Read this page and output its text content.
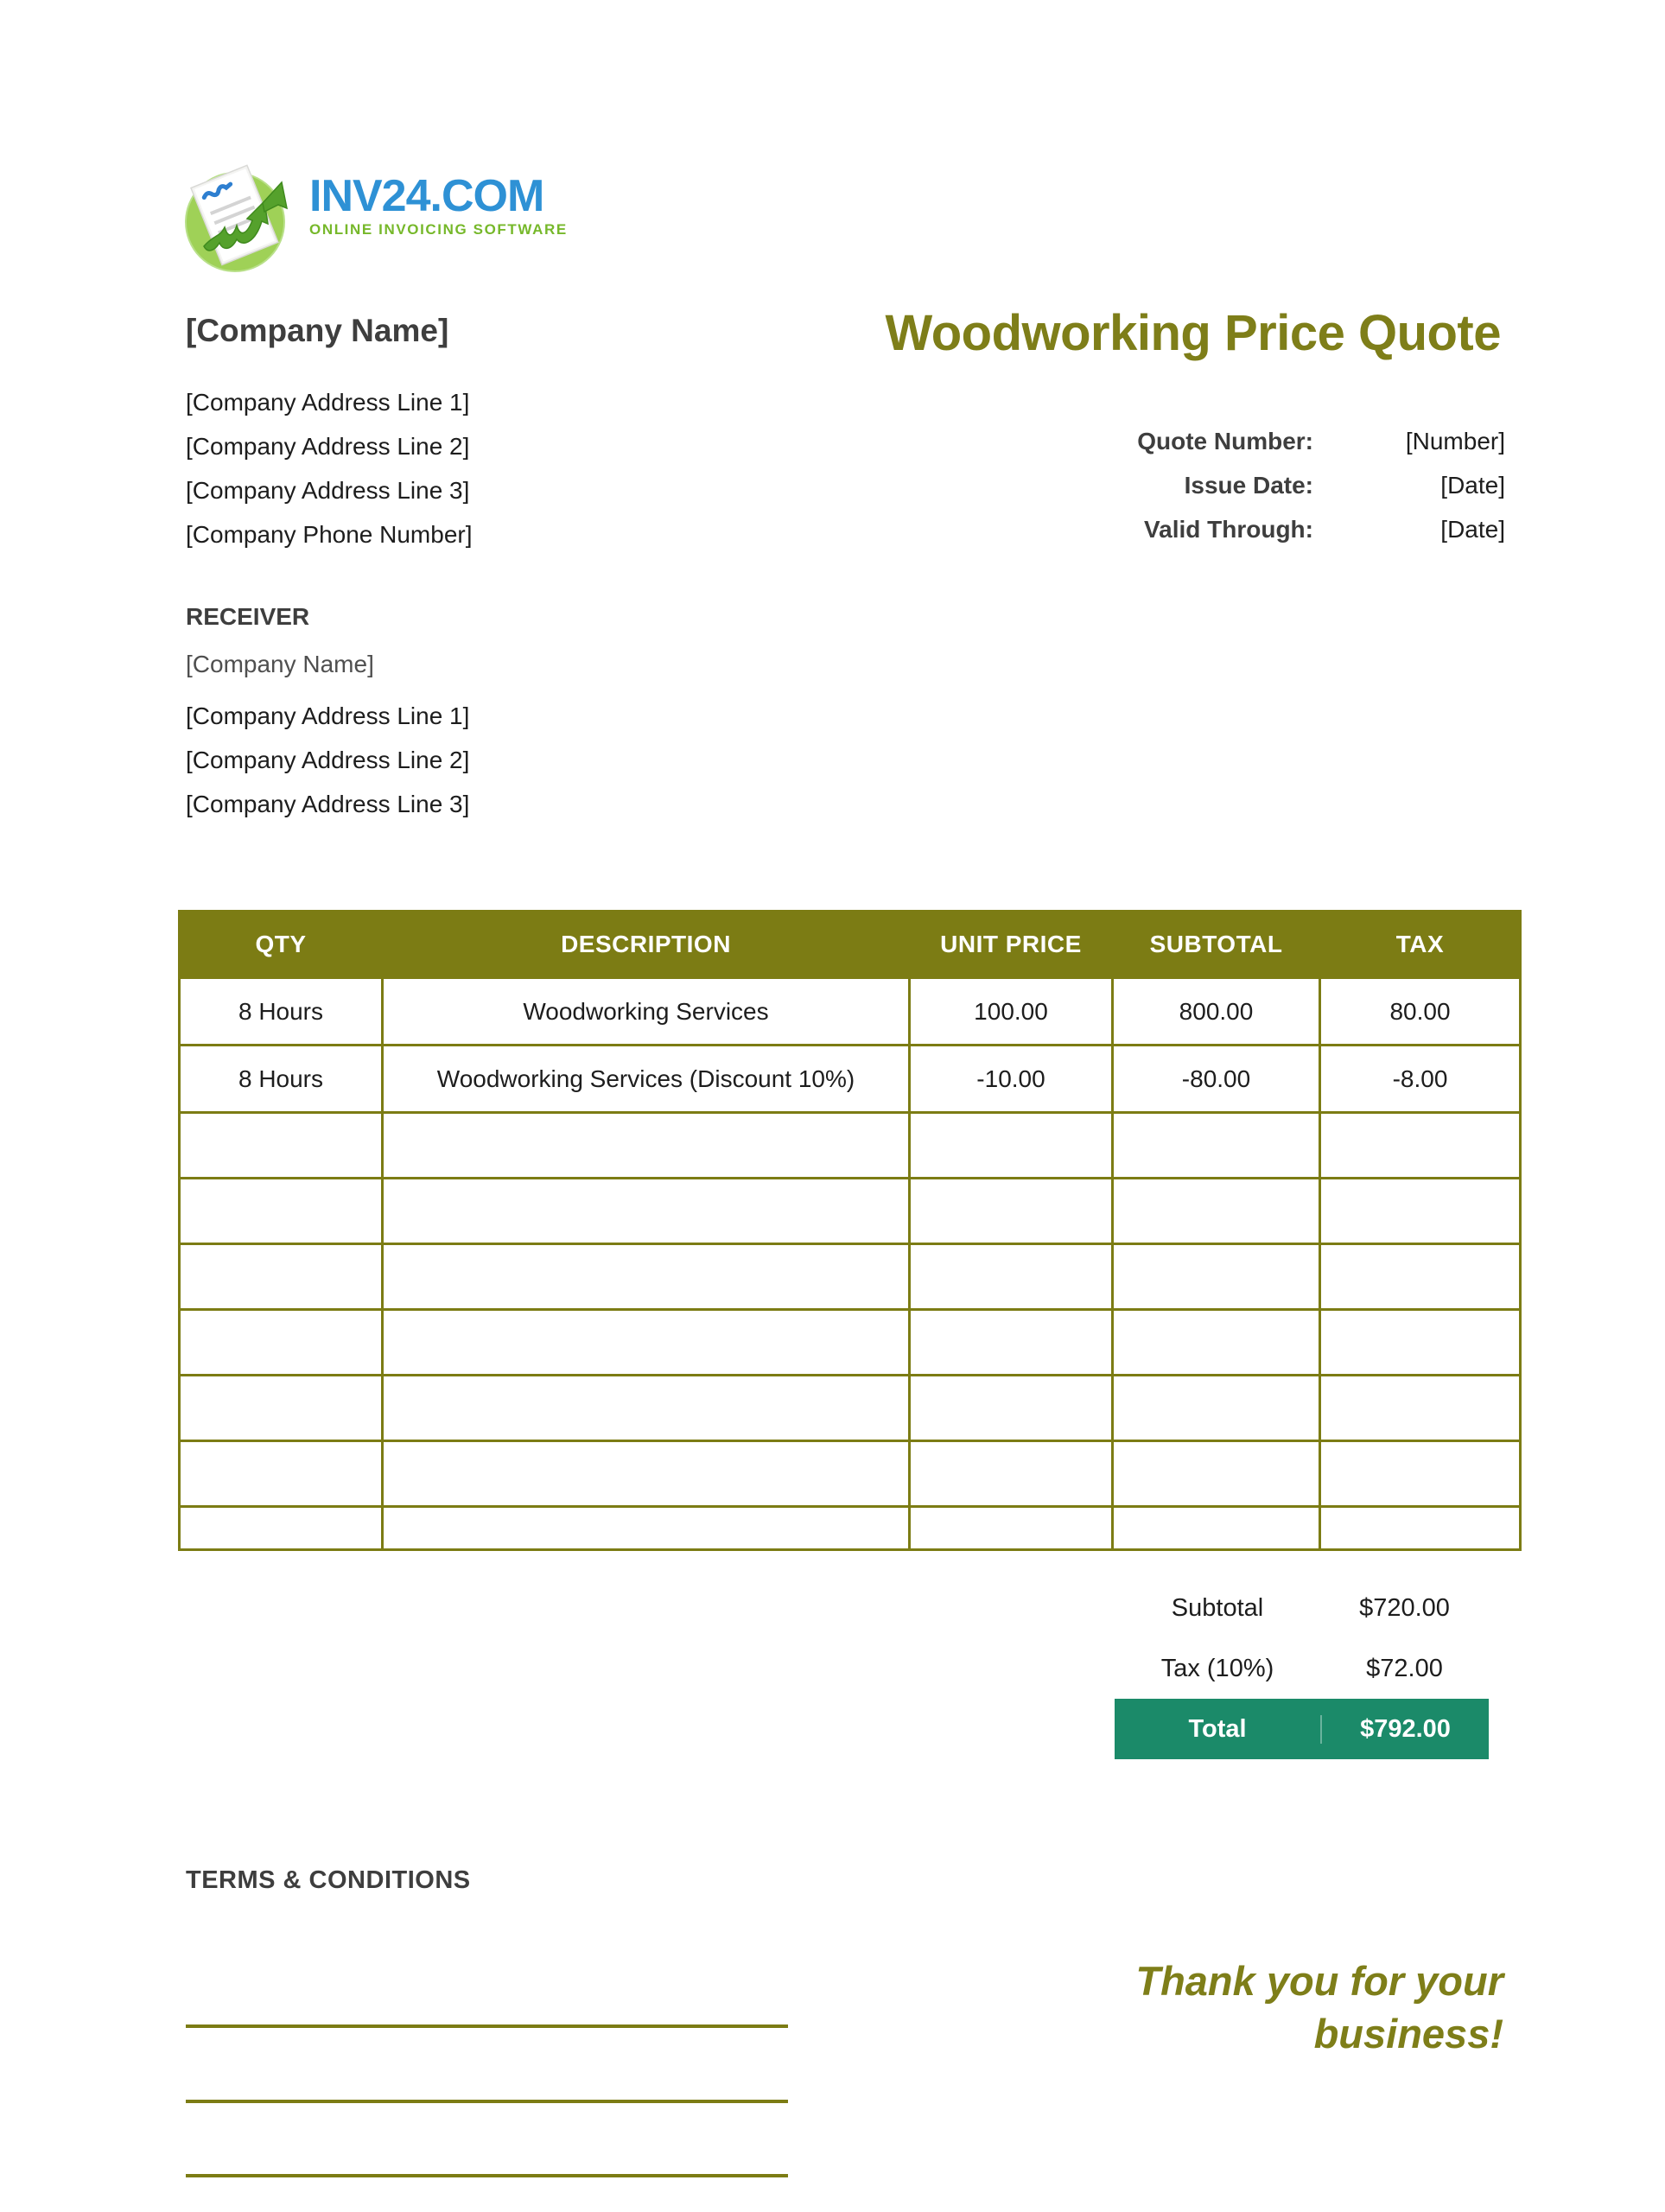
INV24.COM
ONLINE INVOICING SOFTWARE
[Company Name]
[Company Address Line 1]
[Company Address Line 2]
[Company Address Line 3]
[Company Phone Number]
Woodworking Price Quote
Quote Number:	[Number]
Issue Date:	[Date]
Valid Through:	[Date]
RECEIVER
[Company Name]
[Company Address Line 1]
[Company Address Line 2]
[Company Address Line 3]
QTY	DESCRIPTION	UNIT PRICE	SUBTOTAL	TAX
8 Hours	Woodworking Services	100.00	800.00	80.00
8 Hours	Woodworking Services (Discount 10%)	-10.00	-80.00	-8.00

Subtotal	$720.00
Tax (10%)	$72.00
Total	$792.00
TERMS & CONDITIONS
Thank you for your business!
